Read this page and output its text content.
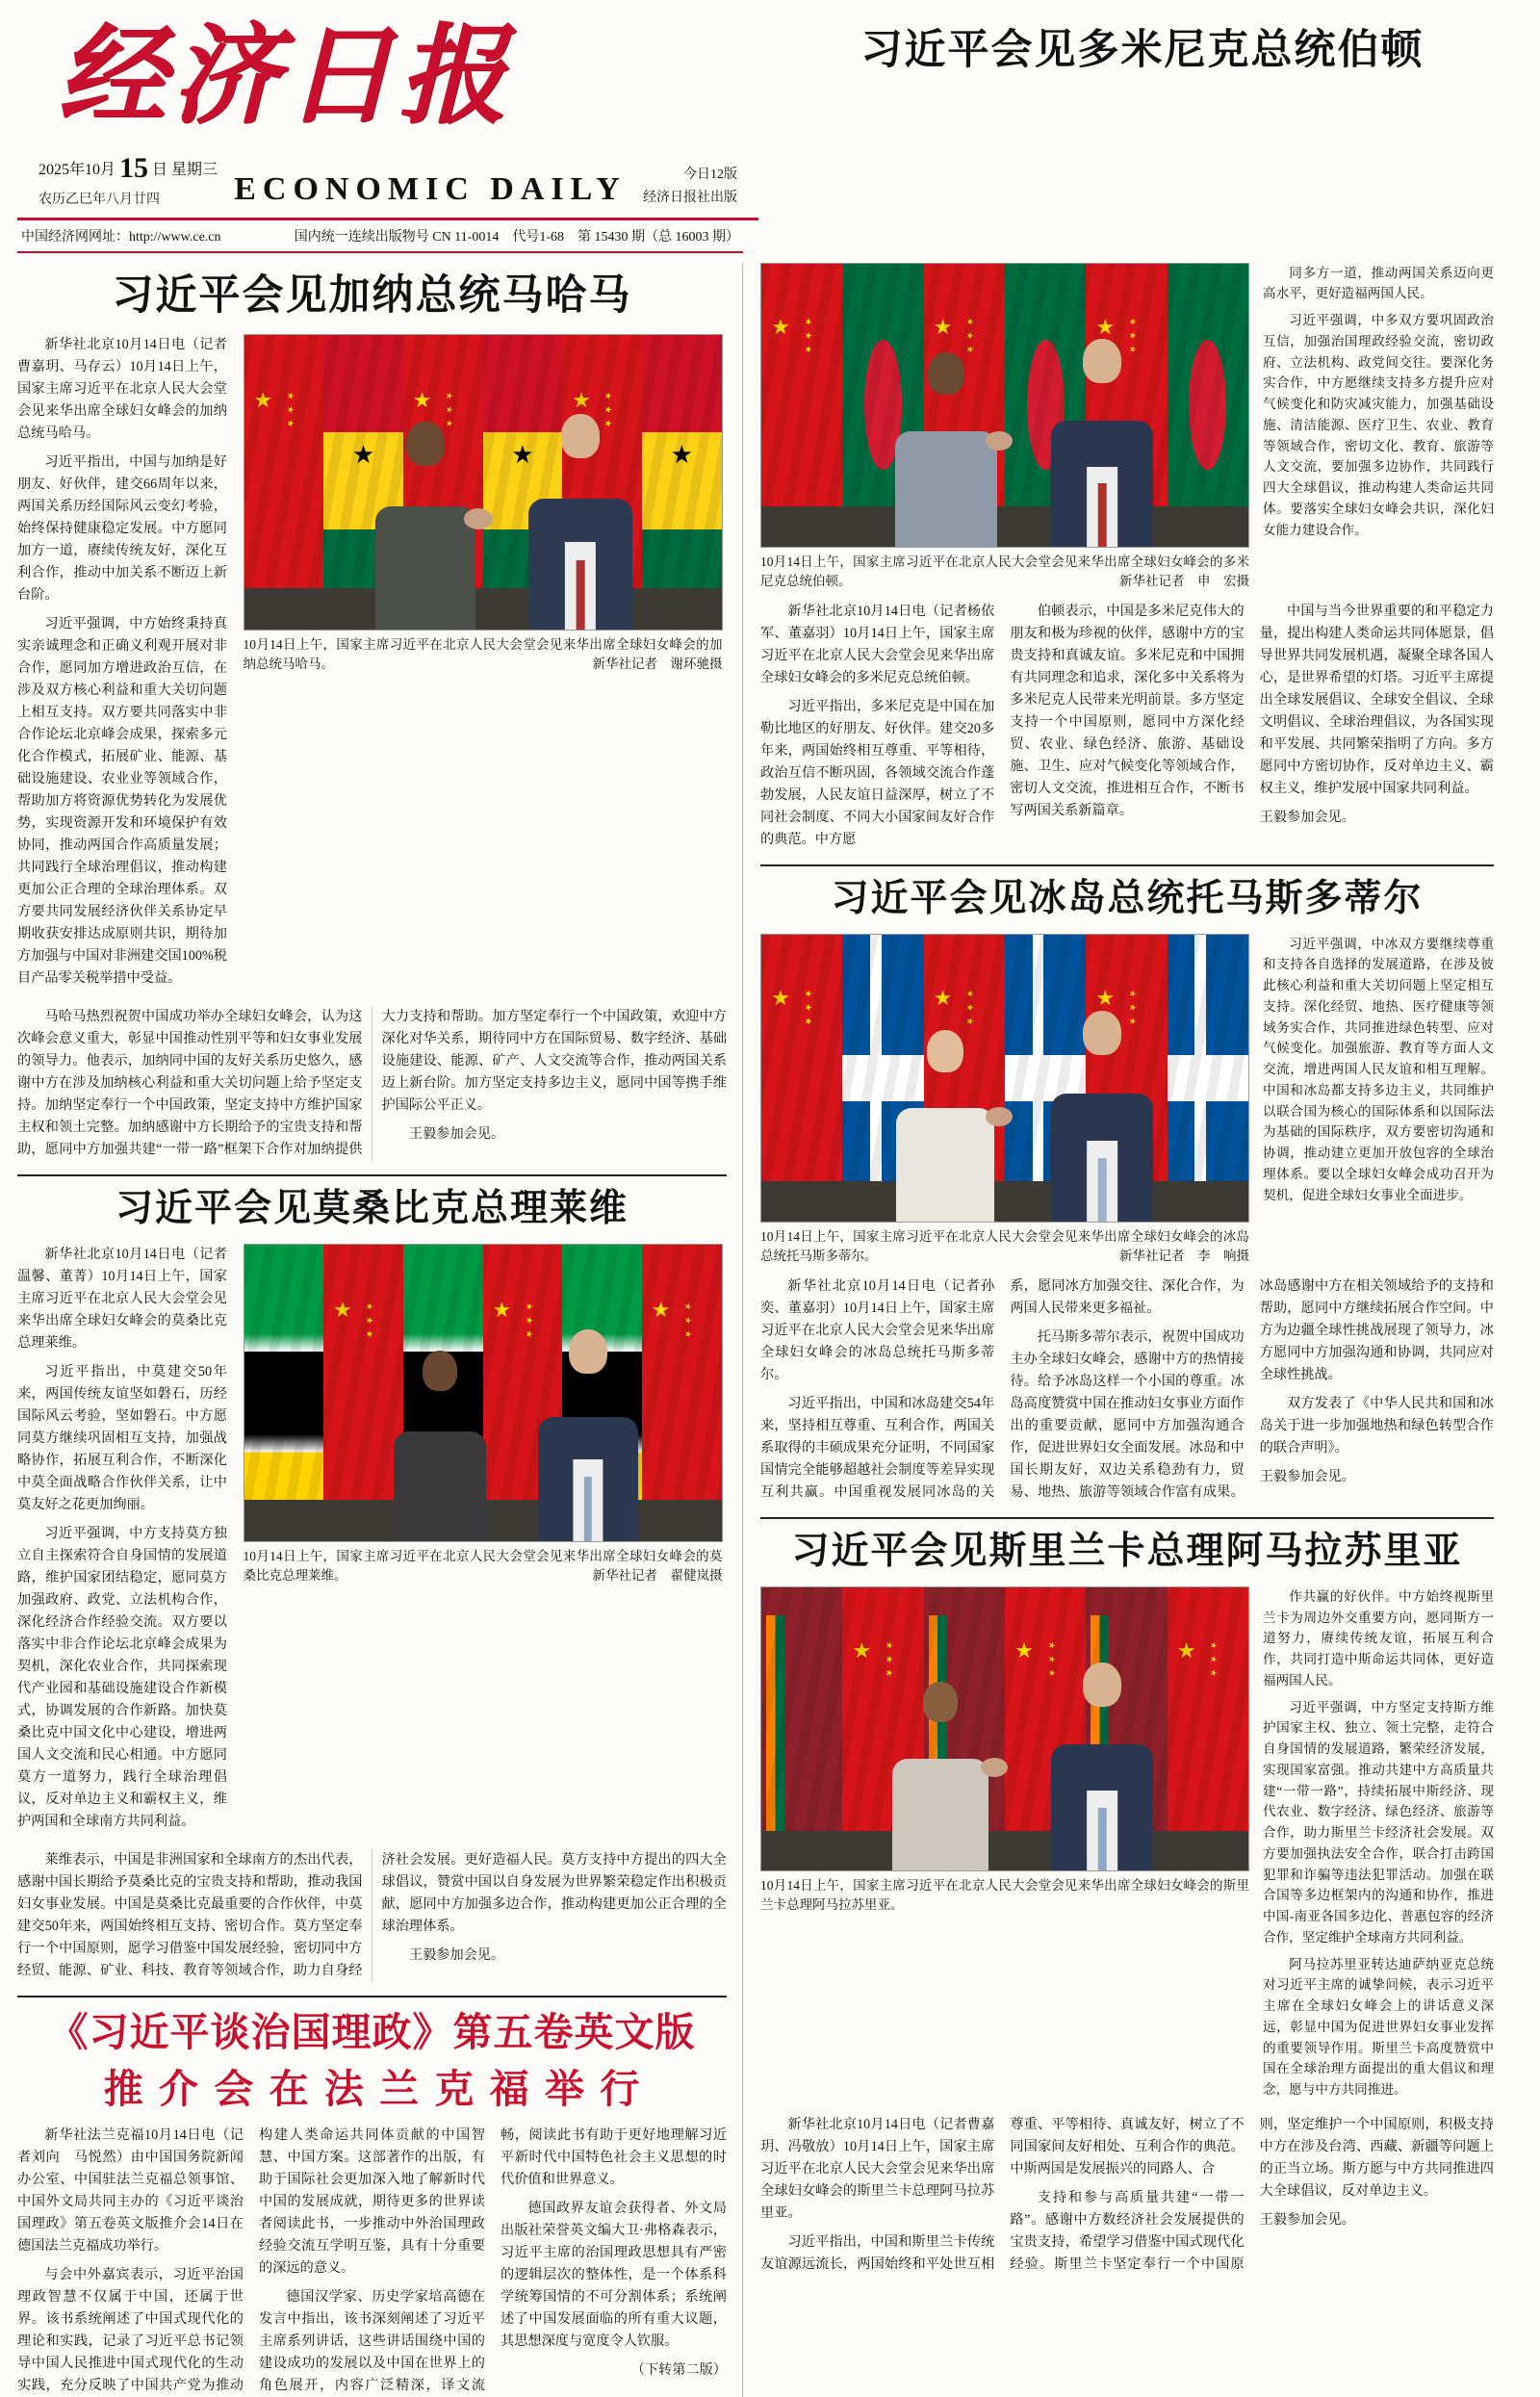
经济日报
2025年10月 15 日 星期三
农历乙巳年八月廿四	ECONOMIC DAILY	今日12版
经济日报社出版
中国经济网网址：http://www.ce.cn	国内统一连续出版物号 CN 11-0014　代号1-68　第 15430 期（总 16003 期）
习近平会见多米尼克总统伯顿
习近平会见加纳总统马哈马

新华社北京10月14日电（记者曹嘉玥、马存云）10月14日上午，国家主席习近平在北京人民大会堂会见来华出席全球妇女峰会的加纳总统马哈马。

习近平指出，中国与加纳是好朋友、好伙伴，建交66周年以来，两国关系历经国际风云变幻考验，始终保持健康稳定发展。中方愿同加方一道，赓续传统友好，深化互利合作，推动中加关系不断迈上新台阶。

习近平强调，中方始终秉持真实亲诚理念和正确义利观开展对非合作，愿同加方增进政治互信，在涉及双方核心利益和重大关切问题上相互支持。双方要共同落实中非合作论坛北京峰会成果，探索多元化合作模式，拓展矿业、能源、基础设施建设、农业业等领域合作，帮助加方将资源优势转化为发展优势，实现资源开发和环境保护有效协同，推动两国合作高质量发展；共同践行全球治理倡议，推动构建更加公正合理的全球治理体系。双方要共同发展经济伙伴关系协定早期收获安排达成原则共识，期待加方加强与中国对非洲建交国100%税目产品零关税举措中受益。

★ ★ ★ ★
★
★ ★ ★ ★
★
★ ★ ★ ★
★
10月14日上午，国家主席习近平在北京人民大会堂会见来华出席全球妇女峰会的加纳总统马哈马。	新华社记者　谢环驰摄

马哈马热烈祝贺中国成功举办全球妇女峰会，认为这次峰会意义重大，彰显中国推动性别平等和妇女事业发展的领导力。他表示，加纳同中国的友好关系历史悠久，感谢中方在涉及加纳核心利益和重大关切问题上给予坚定支持。加纳坚定奉行一个中国政策，坚定支持中方维护国家主权和领土完整。加纳感谢中方长期给予的宝贵支持和帮助，愿同中方加强共建“一带一路”框架下合作对加纳提供大力支持和帮助。加方坚定奉行一个中国政策，欢迎中方深化对华关系，期待同中方在国际贸易、数字经济、基础设施建设、能源、矿产、人文交流等合作，推动两国关系迈上新台阶。加方坚定支持多边主义，愿同中国等携手维护国际公平正义。

王毅参加会见。

习近平会见莫桑比克总理莱维

新华社北京10月14日电（记者温馨、董菁）10月14日上午，国家主席习近平在北京人民大会堂会见来华出席全球妇女峰会的莫桑比克总理莱维。

习近平指出，中莫建交50年来，两国传统友谊坚如磐石，历经国际风云考验，坚如磐石。中方愿同莫方继续巩固相互支持，加强战略协作，拓展互利合作，不断深化中莫全面战略合作伙伴关系，让中莫友好之花更加绚丽。

习近平强调，中方支持莫方独立自主探索符合自身国情的发展道路，维护国家团结稳定，愿同莫方加强政府、政党、立法机构合作，深化经济合作经验交流。双方要以落实中非合作论坛北京峰会成果为契机，深化农业合作，共同探索现代产业园和基础设施建设合作新模式，协调发展的合作新路。加快莫桑比克中国文化中心建设，增进两国人文交流和民心相通。中方愿同莫方一道努力，践行全球治理倡议，反对单边主义和霸权主义，维护两国和全球南方共同利益。

★ ★ ★ ★
★ ★ ★ ★
★ ★ ★ ★
10月14日上午，国家主席习近平在北京人民大会堂会见来华出席全球妇女峰会的莫桑比克总理莱维。	新华社记者　翟健岚摄

莱维表示，中国是非洲国家和全球南方的杰出代表，感谢中国长期给予莫桑比克的宝贵支持和帮助，推动我国妇女事业发展。中国是莫桑比克最重要的合作伙伴，中莫建交50年来，两国始终相互支持、密切合作。莫方坚定奉行一个中国原则，愿学习借鉴中国发展经验，密切同中方经贸、能源、矿业、科技、教育等领域合作，助力自身经济社会发展。更好造福人民。莫方支持中方提出的四大全球倡议，赞赏中国以自身发展为世界繁荣稳定作出积极贡献，愿同中方加强多边合作，推动构建更加公正合理的全球治理体系。

王毅参加会见。

《习近平谈治国理政》第五卷英文版
推 介 会 在 法 兰 克 福 举 行

新华社法兰克福10月14日电（记者刘向　马悦然）由中国国务院新闻办公室、中国驻法兰克福总领事馆、中国外文局共同主办的《习近平谈治国理政》第五卷英文版推介会14日在德国法兰克福成功举行。

与会中外嘉宾表示，习近平治国理政智慧不仅属于中国，还属于世界。该书系统阐述了中国式现代化的理论和实践，记录了习近平总书记领导中国人民推进中国式现代化的生动实践，充分反映了中国共产党为推动构建人类命运共同体贡献的中国智慧、中国方案。这部著作的出版，有助于国际社会更加深入地了解新时代中国的发展成就，期待更多的世界读者阅读此书，一步推动中外治国理政经验交流互学明互鉴，具有十分重要的深远的意义。

德国汉学家、历史学家培高德在发言中指出，该书深刻阐述了习近平主席系列讲话，这些讲话围绕中国的建设成功的发展以及中国在世界上的角色展开，内容广泛精深，译文流畅，阅读此书有助于更好地理解习近平新时代中国特色社会主义思想的时代价值和世界意义。

德国政界友谊会获得者、外文局出版社荣誉英文编大卫·弗格森表示，习近平主席的治国理政思想具有严密的逻辑层次的整体性，是一个体系科学统筹国情的不可分割体系；系统阐述了中国发展面临的所有重大议题，其思想深度与宽度令人钦服。

（下转第二版）

★ ★ ★ ★
★ ★ ★ ★
★ ★ ★ ★
10月14日上午，国家主席习近平在北京人民大会堂会见来华出席全球妇女峰会的多米尼克总统伯顿。	新华社记者　申　宏摄

同多方一道，推动两国关系迈向更高水平，更好造福两国人民。

习近平强调，中多双方要巩固政治互信，加强治国理政经验交流，密切政府、立法机构、政党间交往。要深化务实合作，中方愿继续支持多方提升应对气候变化和防灾减灾能力，加强基础设施、清洁能源、医疗卫生、农业、教育等领域合作，密切文化、教育、旅游等人文交流，要加强多边协作，共同践行四大全球倡议，推动构建人类命运共同体。要落实全球妇女峰会共识，深化妇女能力建设合作。

新华社北京10月14日电（记者杨依军、董嘉羽）10月14日上午，国家主席习近平在北京人民大会堂会见来华出席全球妇女峰会的多米尼克总统伯顿。

习近平指出，多米尼克是中国在加勒比地区的好朋友、好伙伴。建交20多年来，两国始终相互尊重、平等相待，政治互信不断巩固，各领域交流合作蓬勃发展，人民友谊日益深厚，树立了不同社会制度、不同大小国家间友好合作的典范。中方愿

伯顿表示，中国是多米尼克伟大的朋友和极为珍视的伙伴，感谢中方的宝贵支持和真诚友谊。多米尼克和中国拥有共同理念和追求，深化多中关系将为多米尼克人民带来光明前景。多方坚定支持一个中国原则，愿同中方深化经贸、农业、绿色经济、旅游、基础设施、卫生、应对气候变化等领域合作，密切人文交流，推进相互合作，不断书写两国关系新篇章。

中国与当今世界重要的和平稳定力量，提出构建人类命运共同体愿景，倡导世界共同发展机遇，凝聚全球各国人心，是世界希望的灯塔。习近平主席提出全球发展倡议、全球安全倡议、全球文明倡议、全球治理倡议，为各国实现和平发展、共同繁荣指明了方向。多方愿同中方密切协作，反对单边主义、霸权主义，维护发展中国家共同利益。

王毅参加会见。

习近平会见冰岛总统托马斯多蒂尔
★ ★ ★ ★
★ ★ ★ ★
★ ★ ★ ★
10月14日上午，国家主席习近平在北京人民大会堂会见来华出席全球妇女峰会的冰岛总统托马斯多蒂尔。	新华社记者　李　响摄

习近平强调，中冰双方要继续尊重和支持各自选择的发展道路，在涉及彼此核心利益和重大关切问题上坚定相互支持。深化经贸、地热、医疗健康等领域务实合作，共同推进绿色转型、应对气候变化。加强旅游、教育等方面人文交流，增进两国人民友谊和相互理解。中国和冰岛都支持多边主义，共同维护以联合国为核心的国际体系和以国际法为基础的国际秩序，双方要密切沟通和协调，推动建立更加开放包容的全球治理体系。要以全球妇女峰会成功召开为契机，促进全球妇女事业全面进步。

新华社北京10月14日电（记者孙奕、董嘉羽）10月14日上午，国家主席习近平在北京人民大会堂会见来华出席全球妇女峰会的冰岛总统托马斯多蒂尔。

习近平指出，中国和冰岛建交54年来，坚持相互尊重、互利合作，两国关系取得的丰硕成果充分证明，不同国家国情完全能够超越社会制度等差异实现互利共赢。中国重视发展同冰岛的关系，愿同冰方加强交往、深化合作，为两国人民带来更多福祉。

托马斯多蒂尔表示，祝贺中国成功主办全球妇女峰会，感谢中方的热情接待。给予冰岛这样一个小国的尊重。冰岛高度赞赏中国在推动妇女事业方面作出的重要贡献，愿同中方加强沟通合作，促进世界妇女全面发展。冰岛和中国长期友好，双边关系稳劲有力，贸易、地热、旅游等领域合作富有成果。冰岛感谢中方在相关领域给予的支持和帮助，愿同中方继续拓展合作空间。中方为边疆全球性挑战展现了领导力，冰方愿同中方加强沟通和协调，共同应对全球性挑战。

双方发表了《中华人民共和国和冰岛关于进一步加强地热和绿色转型合作的联合声明》。

王毅参加会见。

习近平会见斯里兰卡总理阿马拉苏里亚
★ ★ ★ ★
★ ★ ★ ★
★ ★ ★ ★
10月14日上午，国家主席习近平在北京人民大会堂会见来华出席全球妇女峰会的斯里兰卡总理阿马拉苏里亚。

作共赢的好伙伴。中方始终视斯里兰卡为周边外交重要方向，愿同斯方一道努力，赓续传统友谊，拓展互利合作，共同打造中斯命运共同体，更好造福两国人民。

习近平强调，中方坚定支持斯方维护国家主权、独立、领土完整，走符合自身国情的发展道路，繁荣经济发展，实现国家富强。推动共建中方高质量共建“一带一路”，持续拓展中斯经济、现代农业、数字经济、绿色经济、旅游等合作，助力斯里兰卡经济社会发展。双方要加强执法安全合作，联合打击跨国犯罪和诈骗等违法犯罪活动。加强在联合国等多边框架内的沟通和协作，推进中国-南亚各国多边化、普惠包容的经济合作，坚定维护全球南方共同利益。

阿马拉苏里亚转达迪萨纳亚克总统对习近平主席的诚挚问候，表示习近平主席在全球妇女峰会上的讲话意义深远，彰显中国为促进世界妇女事业发挥的重要领导作用。斯里兰卡高度赞赏中国在全球治理方面提出的重大倡议和理念，愿与中方共同推进。

新华社北京10月14日电（记者曹嘉玥、冯敬放）10月14日上午，国家主席习近平在北京人民大会堂会见来华出席全球妇女峰会的斯里兰卡总理阿马拉苏里亚。

习近平指出，中国和斯里兰卡传统友谊源远流长，两国始终和平处世互相尊重、平等相待、真诚友好，树立了不同国家间友好相处、互利合作的典范。中斯两国是发展振兴的同路人、合

支持和参与高质量共建“一带一路”。感谢中方数经济社会发展提供的宝贵支持，希望学习借鉴中国式现代化经验。斯里兰卡坚定奉行一个中国原则，坚定维护一个中国原则，积极支持中方在涉及台湾、西藏、新疆等问题上的正当立场。斯方愿与中方共同推进四大全球倡议，反对单边主义。

王毅参加会见。
